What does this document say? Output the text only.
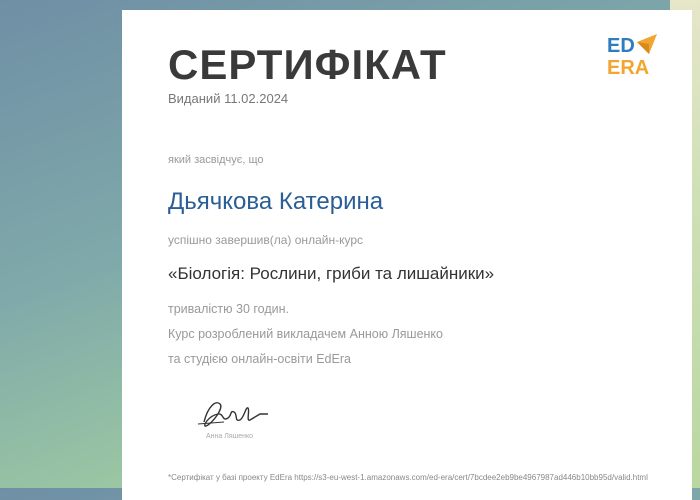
СЕРТИФІКАТ
Виданий 11.02.2024
ED
ERA
який засвідчує, що
Дьячкова Катерина
успішно завершив(ла) онлайн-курс
«Біологія: Рослини, гриби та лишайники»
тривалістю 30 годин.
Курс розроблений викладачем Анною Ляшенко
та студією онлайн-освіти EdEra
Анна Ляшенко
*Сертифікат у базі проекту EdEra https://s3-eu-west-1.amazonaws.com/ed-era/cert/7bcdee2eb9be4967987ad446b10bb95d/valid.html
